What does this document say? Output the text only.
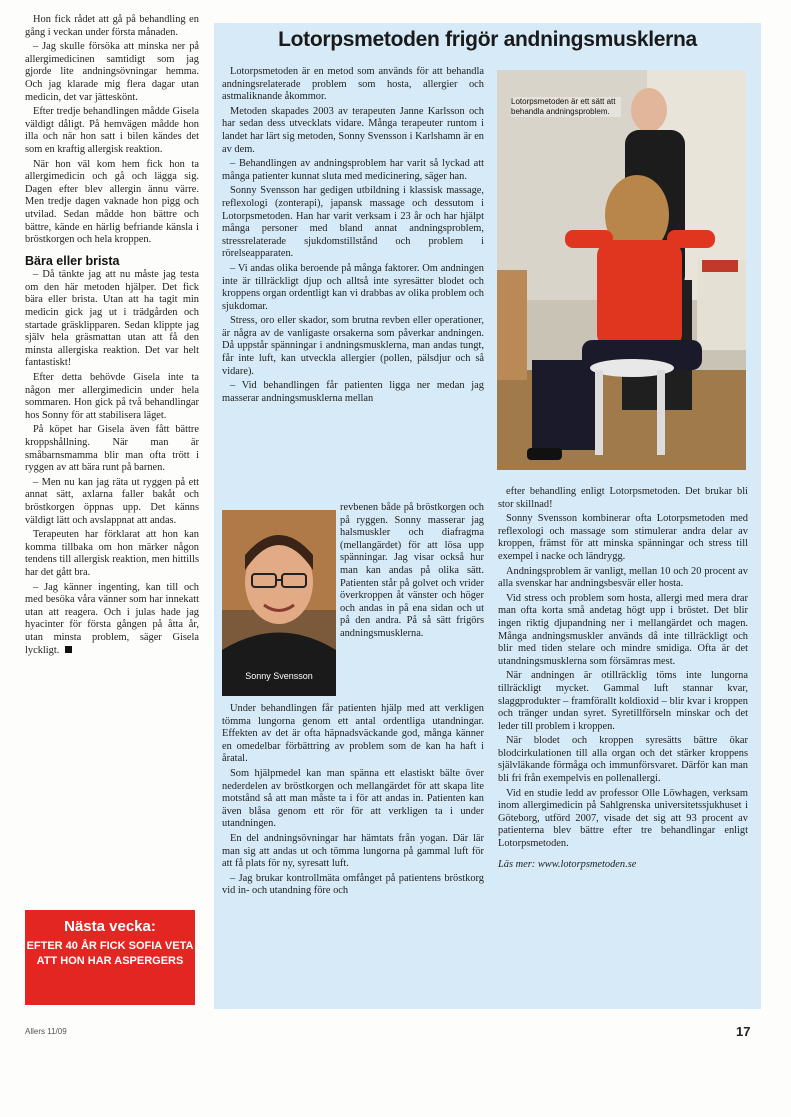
Hon fick rådet att gå på behandling en gång i veckan under första månaden.

– Jag skulle försöka att minska ner på allergimedicinen samtidigt som jag gjorde lite andningsövningar hemma. Och jag klarade mig flera dagar utan medicin, det var jätteskönt.

Efter tredje behandlingen mådde Gisela väldigt dåligt. På hemvägen mådde hon illa och när hon satt i bilen kändes det som en kraftig allergisk reaktion.

När hon väl kom hem fick hon ta allergimedicin och gå och lägga sig. Dagen efter blev allergin ännu värre. Men tredje dagen vaknade hon pigg och utvilad. Sedan mådde hon bättre och bättre, kände en härlig befriande känsla i bröstkorgen och hela kroppen.

Bära eller brista

– Då tänkte jag att nu måste jag testa om den här metoden hjälper. Det fick bära eller brista. Utan att ha tagit min medicin gick jag ut i trädgården och startade gräsklipparen. Sedan klippte jag själv hela gräsmattan utan att få den minsta allergiska reaktion. Det var helt fantastiskt!

Efter detta behövde Gisela inte ta någon mer allergimedicin under hela sommaren. Hon gick på två behandlingar hos Sonny för att stabilisera läget.

På köpet har Gisela även fått bättre kroppshållning. När man är småbarnsmamma blir man ofta trött i ryggen av att bära runt på barnen.

– Men nu kan jag räta ut ryggen på ett annat sätt, axlarna faller bakåt och bröstkorgen öppnas upp. Det känns väldigt lätt och avslappnat att andas.

Terapeuten har förklarat att hon kan komma tillbaka om hon märker någon tendens till allergisk reaktion, men hittills har det gått bra.

– Jag känner ingenting, kan till och med besöka våra vänner som har innekatt utan att reagera. Och i julas hade jag hyacinter för första gången på åtta år, utan minsta problem, säger Gisela lyckligt.

Nästa vecka:
EFTER 40 ÅR FICK SOFIA VETA ATT HON HAR ASPERGERS
Lotorpsmetoden frigör andningsmusklerna

Lotorpsmetoden är en metod som används för att behandla andningsrelaterade problem som hosta, allergier och astmaliknande åkommor.

Metoden skapades 2003 av terapeuten Janne Karlsson och har sedan dess utvecklats vidare. Många terapeuter runtom i landet har lärt sig metoden, Sonny Svensson i Karlshamn är en av dem.

– Behandlingen av andningsproblem har varit så lyckad att många patienter kunnat sluta med medicinering, säger han.

Sonny Svensson har gedigen utbildning i klassisk massage, reflexologi (zonterapi), japansk massage och dessutom i Lotorpsmetoden. Han har varit verksam i 23 år och har hjälpt många personer med bland annat andningsproblem, stressrelaterade sjukdomstillstånd och problem i rörelseapparaten.

– Vi andas olika beroende på många faktorer. Om andningen inte är tillräckligt djup och alltså inte syresätter blodet och kroppens organ ordentligt kan vi drabbas av olika problem och sjukdomar.

Stress, oro eller skador, som brutna revben eller operationer, är några av de vanligaste orsakerna som påverkar andningen. Då uppstår spänningar i andningsmusklerna, man andas tungt, får inte luft, kan utveckla allergier (pollen, pälsdjur och så vidare).

– Vid behandlingen får patienten ligga ner medan jag masserar andningsmusklerna mellan

Lotorpsmetoden är ett sätt att behandla andningsproblem.
Sonny Svensson

revbenen både på bröstkorgen och på ryggen. Sonny masserar jag halsmuskler och diafragma (mellangärdet) för att lösa upp spänningar. Jag visar också hur man kan andas på olika sätt. Patienten står på golvet och vrider överkroppen åt vänster och höger och andas in på ena sidan och ut på den andra. På så sätt frigörs andningsmusklerna.

Under behandlingen får patienten hjälp med att verkligen tömma lungorna genom ett antal ordentliga utandningar. Effekten av det är ofta häpnadsväckande god, många känner en omedelbar förbättring av problem som de kan ha haft i åratal.

Som hjälpmedel kan man spänna ett elastiskt bälte över nederdelen av bröstkorgen och mellangärdet för att skapa lite motstånd så att man måste ta i för att andas in. Patienten kan även blåsa genom ett rör för att verkligen ta i under utandningen.

En del andningsövningar har hämtats från yogan. Där lär man sig att andas ut och tömma lungorna på gammal luft för att få plats för ny, syresatt luft.

– Jag brukar kontrollmäta omfånget på patientens bröstkorg vid in- och utandning före och

efter behandling enligt Lotorpsmetoden. Det brukar bli stor skillnad!

Sonny Svensson kombinerar ofta Lotorpsmetoden med reflexologi och massage som stimulerar andra delar av kroppen, främst för att minska spänningar och stress till exempel i nacke och ländrygg.

Andningsproblem är vanligt, mellan 10 och 20 procent av alla svenskar har andningsbesvär eller hosta.

Vid stress och problem som hosta, allergi med mera drar man ofta korta små andetag högt upp i bröstet. Det blir ingen riktig djupandning ner i mellangärdet och magen. Många andningsmuskler används då inte tillräckligt och blir med tiden stelare och mindre smidiga. Ofta är det utandningsmusklerna som försämras mest.

När andningen är otillräcklig töms inte lungorna tillräckligt mycket. Gammal luft stannar kvar, slaggprodukter – framförallt koldioxid – blir kvar i kroppen och tränger undan syret. Syretillförseln minskar och det leder till problem i kroppen.

När blodet och kroppen syresätts bättre ökar blodcirkulationen till alla organ och det stärker kroppens självläkande förmåga och immunförsvaret. Därför kan man bli fri från exempelvis en pollenallergi.

Vid en studie ledd av professor Olle Löwhagen, verksam inom allergimedicin på Sahlgrenska universitetssjukhuset i Göteborg, utförd 2007, visade det sig att 93 procent av patienterna blev bättre efter tre behandlingar enligt Lotorpsmetoden.

Läs mer: www.lotorpsmetoden.se

Allers 11/09	17
